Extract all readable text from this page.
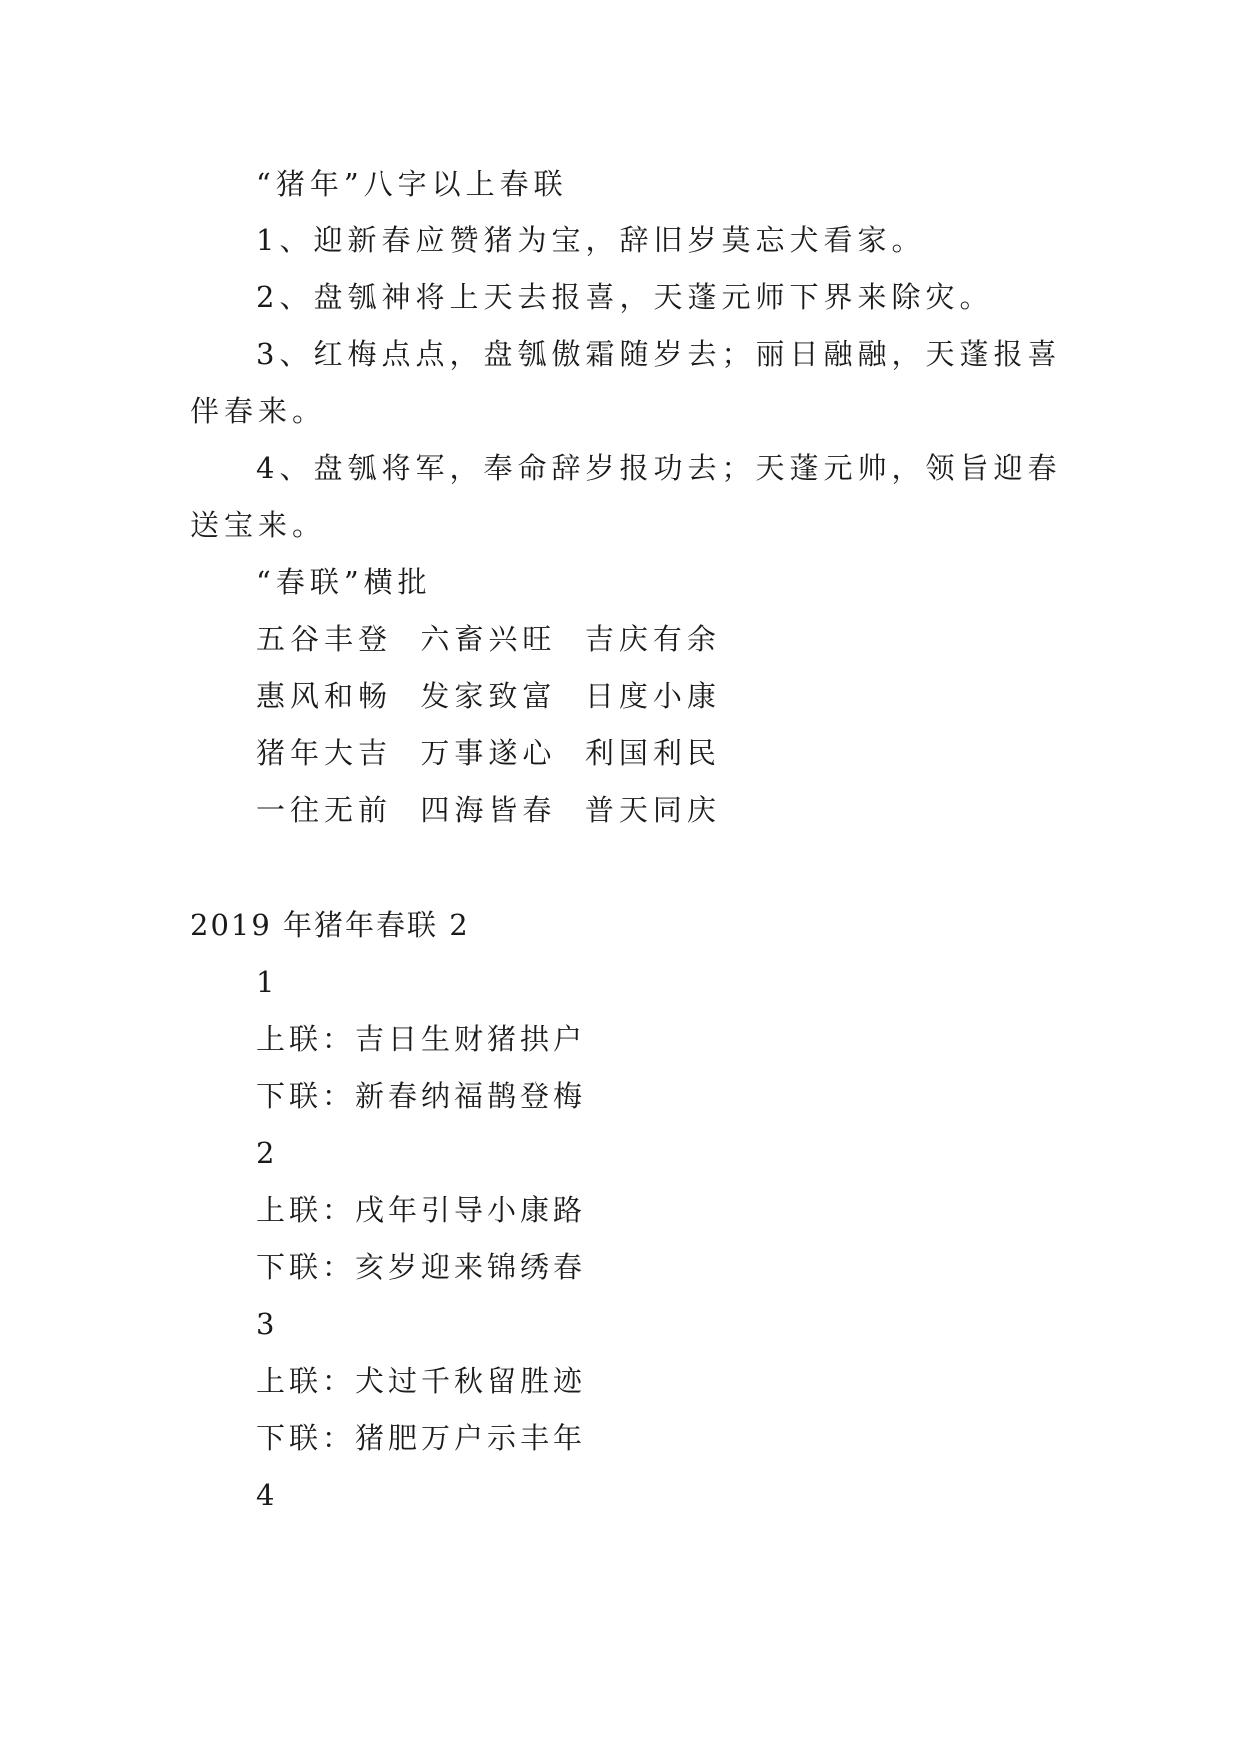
“猪年”八字以上春联
1、迎新春应赞猪为宝，辞旧岁莫忘犬看家。
2、盘瓠神将上天去报喜，天蓬元师下界来除灾。
3、红梅点点，盘瓠傲霜随岁去；丽日融融，天蓬报喜
伴春来。
4、盘瓠将军，奉命辞岁报功去；天蓬元帅，领旨迎春
送宝来。
“春联”横批
五谷丰登  六畜兴旺  吉庆有余
惠风和畅  发家致富  日度小康
猪年大吉  万事遂心  利国利民
一往无前  四海皆春  普天同庆
2019 年猪年春联 2
1
上联：吉日生财猪拱户
下联：新春纳福鹊登梅
2
上联：戌年引导小康路
下联：亥岁迎来锦绣春
3
上联：犬过千秋留胜迹
下联：猪肥万户示丰年
4
